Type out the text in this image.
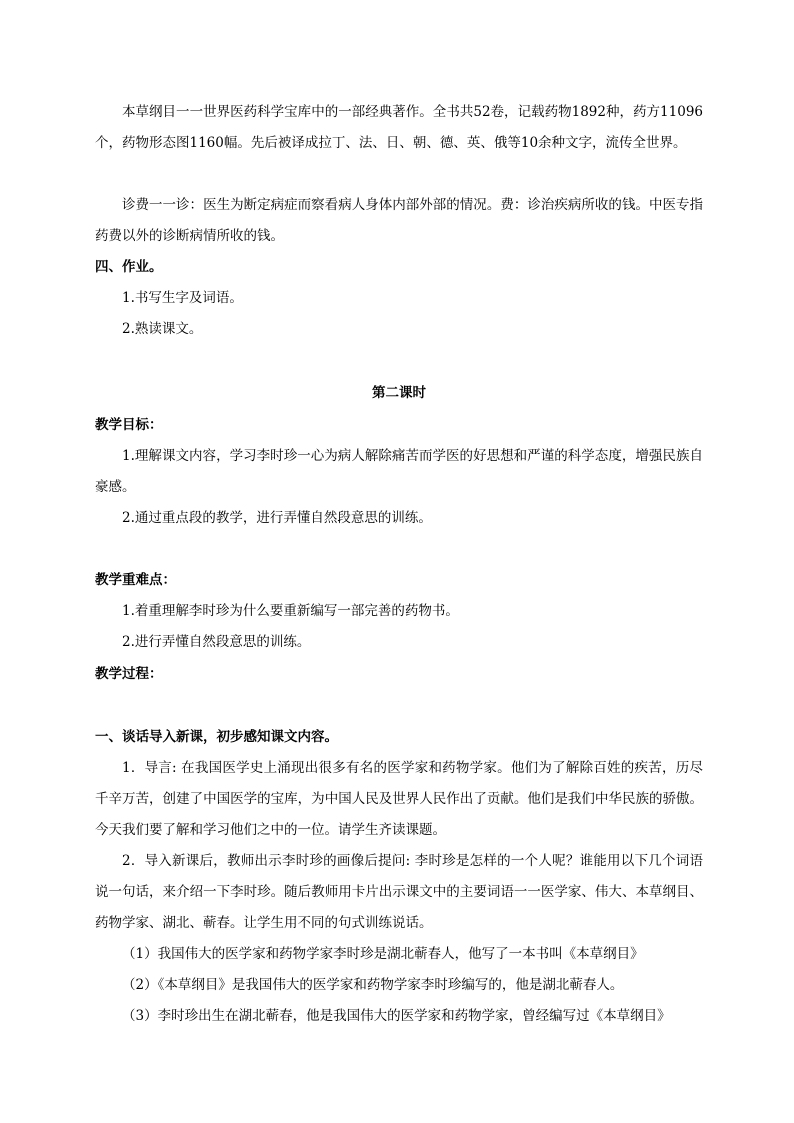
本草纲目一一世界医药科学宝库中的一部经典著作。全书共52卷，记载药物1892种，药方11096个，药物形态图1160幅。先后被译成拉丁、法、日、朝、德、英、俄等10余种文字，流传全世界。

诊费一一诊：医生为断定病症而察看病人身体内部外部的情况。费：诊治疾病所收的钱。中医专指药费以外的诊断病情所收的钱。

四、作业。

1.书写生字及词语。

2.熟读课文。

第二课时

教学目标：

1.理解课文内容，学习李时珍一心为病人解除痛苦而学医的好思想和严谨的科学态度，增强民族自豪感。

2.通过重点段的教学，进行弄懂自然段意思的训练。

教学重难点：

1.着重理解李时珍为什么要重新编写一部完善的药物书。

2.进行弄懂自然段意思的训练。

教学过程：

一、谈话导入新课，初步感知课文内容。

1．导言: 在我国医学史上涌现出很多有名的医学家和药物学家。他们为了解除百姓的疾苦，历尽千辛万苦，创建了中国医学的宝库，为中国人民及世界人民作出了贡献。他们是我们中华民族的骄傲。今天我们要了解和学习他们之中的一位。请学生齐读课题。

2．导入新课后，教师出示李时珍的画像后提问: 李时珍是怎样的一个人呢？谁能用以下几个词语说一句话，来介绍一下李时珍。随后教师用卡片出示课文中的主要词语一一医学家、伟大、本草纲目、药物学家、湖北、蕲春。让学生用不同的句式训练说话。

（1）我国伟大的医学家和药物学家李时珍是湖北蕲春人，他写了一本书叫《本草纲目》

（2）《本草纲目》是我国伟大的医学家和药物学家李时珍编写的，他是湖北蕲春人。

（3）李时珍出生在湖北蕲春，他是我国伟大的医学家和药物学家，曾经编写过《本草纲目》
